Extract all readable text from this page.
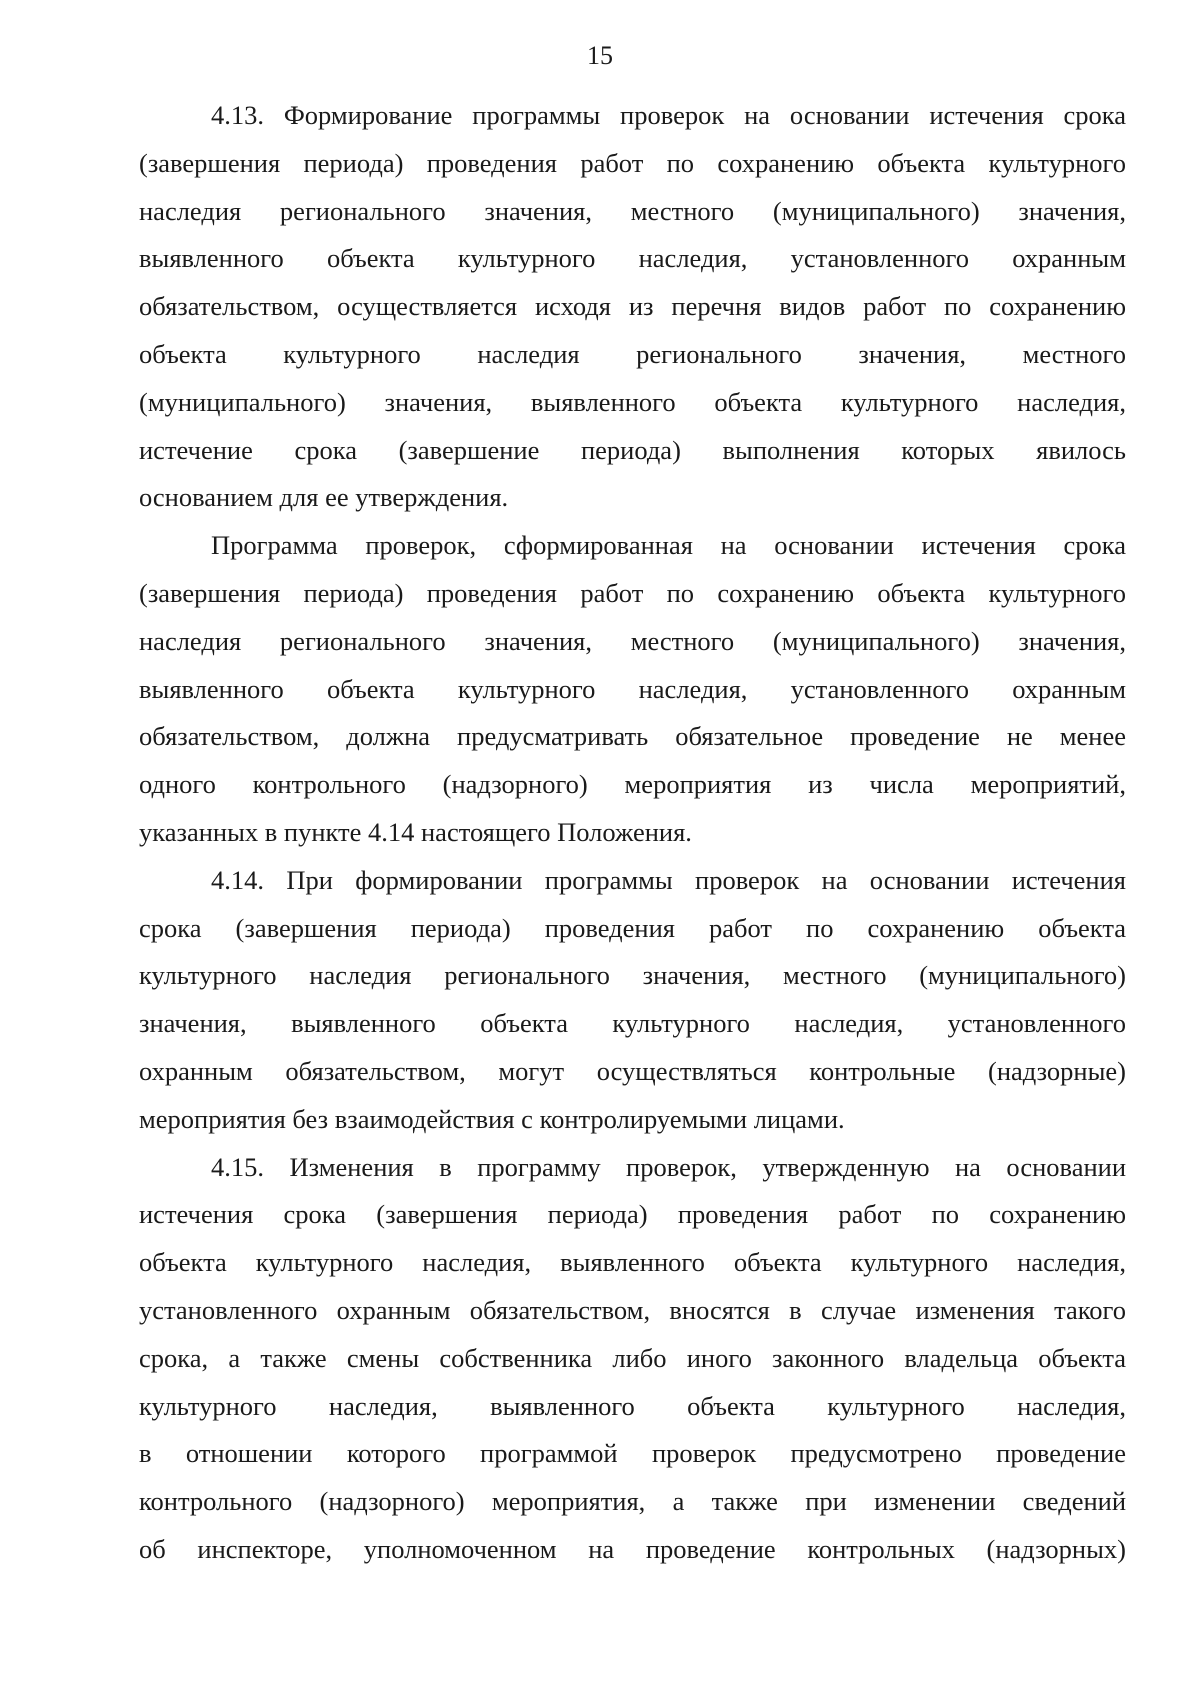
15
4.13. Формирование программы проверок на основании истечения срока
(завершения периода) проведения работ по сохранению объекта культурного
наследия регионального значения, местного (муниципального) значения,
выявленного объекта культурного наследия, установленного охранным
обязательством, осуществляется исходя из перечня видов работ по сохранению
объекта культурного наследия регионального значения, местного
(муниципального) значения, выявленного объекта культурного наследия,
истечение срока (завершение периода) выполнения которых явилось
основанием для ее утверждения.
Программа проверок, сформированная на основании истечения срока
(завершения периода) проведения работ по сохранению объекта культурного
наследия регионального значения, местного (муниципального) значения,
выявленного объекта культурного наследия, установленного охранным
обязательством, должна предусматривать обязательное проведение не менее
одного контрольного (надзорного) мероприятия из числа мероприятий,
указанных в пункте 4.14 настоящего Положения.
4.14. При формировании программы проверок на основании истечения
срока (завершения периода) проведения работ по сохранению объекта
культурного наследия регионального значения, местного (муниципального)
значения, выявленного объекта культурного наследия, установленного
охранным обязательством, могут осуществляться контрольные (надзорные)
мероприятия без взаимодействия с контролируемыми лицами.
4.15. Изменения в программу проверок, утвержденную на основании
истечения срока (завершения периода) проведения работ по сохранению
объекта культурного наследия, выявленного объекта культурного наследия,
установленного охранным обязательством, вносятся в случае изменения такого
срока, а также смены собственника либо иного законного владельца объекта
культурного наследия, выявленного объекта культурного наследия,
в отношении которого программой проверок предусмотрено проведение
контрольного (надзорного) мероприятия, а также при изменении сведений
об инспекторе, уполномоченном на проведение контрольных (надзорных)
